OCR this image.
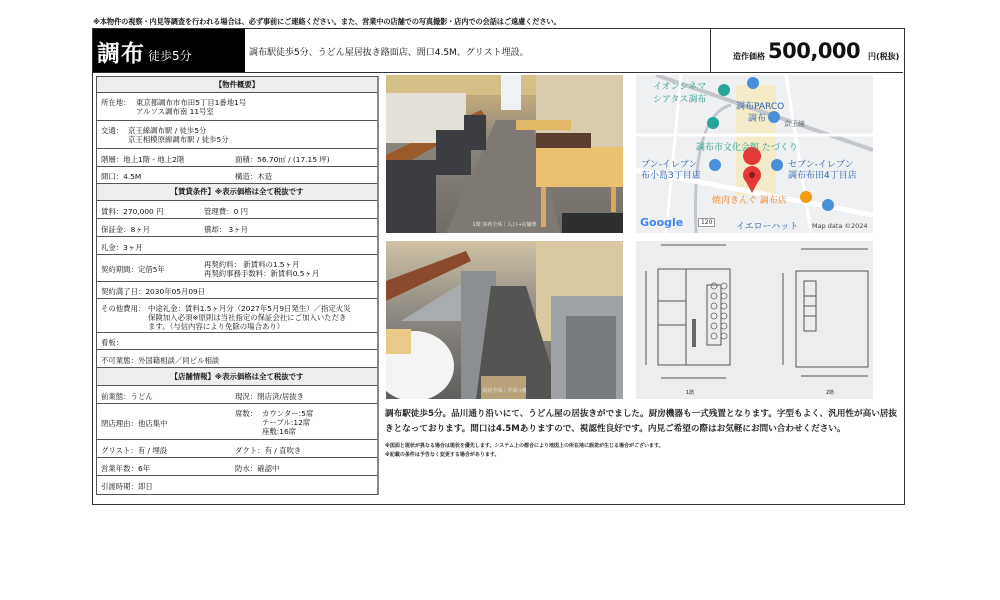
※本物件の視察・内見等調査を行われる場合は、必ず事前にご連絡ください。また、営業中の店舗での写真撮影・店内での会話はご遠慮ください。
調布 徒歩5分	調布駅徒歩5分、うどん屋居抜き路面店、間口4.5M、グリスト埋設。	造作価格 500,000 円(税抜)
【物件概要】
所在地： 東京都調布市布田5丁目1番地1号
アルソス調布南 11号室
交通： 京王線調布駅 / 徒歩5分
京王相模原線調布駅 / 徒歩5分
階層：地上1階 - 地上2階	面積：56.70㎡ / (17.15 坪)
間口：4.5M	構造：木造
【賃貸条件】※表示価格は全て税抜です
賃料：270,000 円	管理費：0 円
保証金：8ヶ月	償却： 3ヶ月
礼金：3ヶ月
契約期間：定借5年
再契約料： 新賃料の1.5ヶ月
再契約事務手数料：新賃料0.5ヶ月
契約満了日：2030年05月09日
その他費用： 中途礼金：賃料1.5ヶ月分（2027年5月9日発生）／指定火災
保険加入必須※原則は当社指定の保証会社にご加入いただき
ます。（与信内容により免除の場合あり）
看板：
不可業態：外国籍相談／同ビル相談
【店舗情報】※表示価格は全て税抜です
前業態：うどん	現況：閉店済/居抜き
閉店理由：他店集中
席数： カウンター:5席
テーブル:12席
座敷:16席
グリスト：有 / 埋設	ダクト：有 / 直吹き
営業年数：6年	防水：確認中
引渡時期：即日
1階 客席全体｜入口→店舗奥
イオンシネマ
シアタス調布
調布PARCO
調布	京王線
調布市文化会館 たづくり
ブン-イレブン
布小島3丁目店
セブン-イレブン
調布布田4丁目店
焼肉きんぐ 調布店
イエローハット
120
Google	Map data ©2024
厨房全体｜手前→奥	1階	2階
調布駅徒歩5分。品川通り沿いにて、うどん屋の居抜きがでました。厨房機器も一式残置となります。字型もよく、汎用性が高い居抜きとなっております。間口は4.5Mありますので、視認性良好です。内見ご希望の際はお気軽にお問い合わせください。
※図面と現状が異なる場合は現状を優先します。システム上の都合により地図上の所在地に誤差が生じる場合がございます。
※記載の条件は予告なく変更する場合があります。
